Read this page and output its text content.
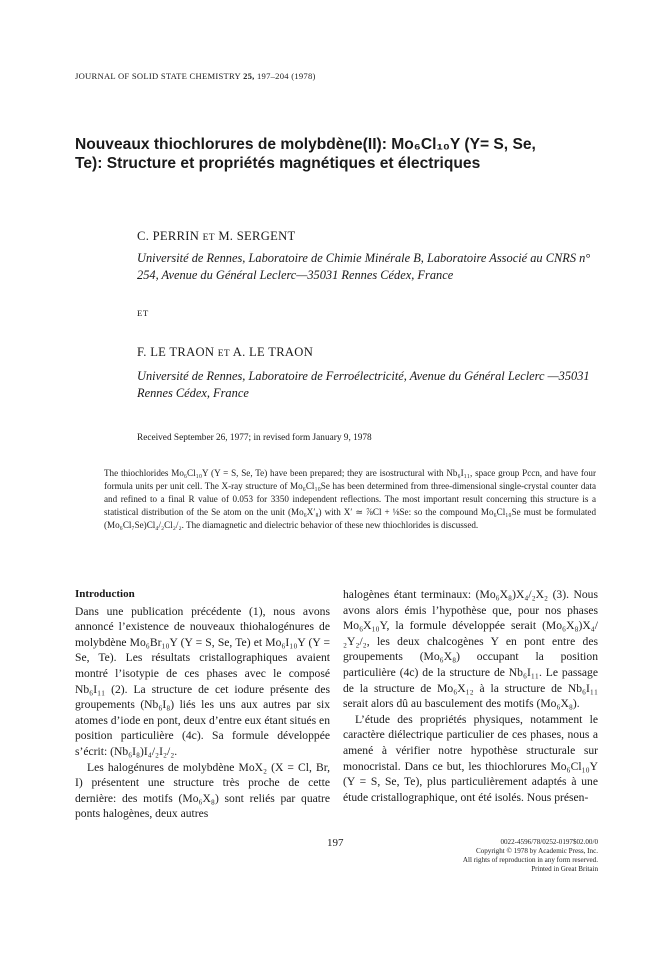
JOURNAL OF SOLID STATE CHEMISTRY 25, 197–204 (1978)
Nouveaux thiochlorures de molybdène(II): Mo₆Cl₁₀Y (Y= S, Se,
Te): Structure et propriétés magnétiques et électriques
C. PERRIN ET M. SERGENT
Université de Rennes, Laboratoire de Chimie Minérale B, Laboratoire Associé au CNRS n° 254, Avenue du Général Leclerc—35031 Rennes Cédex, France
ET
F. LE TRAON ET A. LE TRAON
Université de Rennes, Laboratoire de Ferroélectricité, Avenue du Général Leclerc —35031 Rennes Cédex, France
Received September 26, 1977; in revised form January 9, 1978

The thiochlorides Mo₆Cl₁₀Y (Y = S, Se, Te) have been prepared; they are isostructural with Nb₆I₁₁, space group Pccn, and have four formula units per unit cell. The X-ray structure of Mo₆Cl₁₀Se has been determined from three-dimensional single-crystal counter data and refined to a final R value of 0.053 for 3350 independent reflections. The most important result concerning this structure is a statistical distribution of the Se atom on the unit (Mo₆X′₈) with X′ ≃ ⅞Cl + ⅛Se: so the compound Mo₆Cl₁₀Se must be formulated (Mo₆Cl₇Se)Cl₄/₂Cl₂/₂. The diamagnetic and dielectric behavior of these new thiochlorides is discussed.

Introduction

Dans une publication précédente (1), nous avons annoncé l’existence de nouveaux thiohalogénures de molybdène Mo₆Br₁₀Y (Y = S, Se, Te) et Mo₆I₁₀Y (Y = Se, Te). Les résultats cristallographiques avaient montré l’isotypie de ces phases avec le composé Nb₆I₁₁ (2). La structure de cet iodure présente des groupements (Nb₆I₈) liés les uns aux autres par six atomes d’iode en pont, deux d’entre eux étant situés en position particulière (4c). Sa formule développée s’écrit: (Nb₆I₈)I₄/₂I₂/₂.

Les halogénures de molybdène MoX₂ (X = Cl, Br, I) présentent une structure très proche de cette dernière: des motifs (Mo₆X₈) sont reliés par quatre ponts halogènes, deux autres

halogènes étant terminaux: (Mo₆X₈)X₄/₂X₂ (3). Nous avons alors émis l’hypothèse que, pour nos phases Mo₆X₁₀Y, la formule développée serait (Mo₆X₈)X₄/₂Y₂/₂, les deux chalcogènes Y en pont entre des groupements (Mo₆X₈) occupant la position particulière (4c) de la structure de Nb₆I₁₁. Le passage de la structure de Mo₆X₁₂ à la structure de Nb₆I₁₁ serait alors dû au basculement des motifs (Mo₆X₈).

L’étude des propriétés physiques, notamment le caractère diélectrique particulier de ces phases, nous a amené à vérifier notre hypothèse structurale sur monocristal. Dans ce but, les thiochlorures Mo₆Cl₁₀Y (Y = S, Se, Te), plus particulièrement adaptés à une étude cristallographique, ont été isolés. Nous présen-

197	0022-4596/78/0252-0197$02.00/0
Copyright © 1978 by Academic Press, Inc.
All rights of reproduction in any form reserved.
Printed in Great Britain
